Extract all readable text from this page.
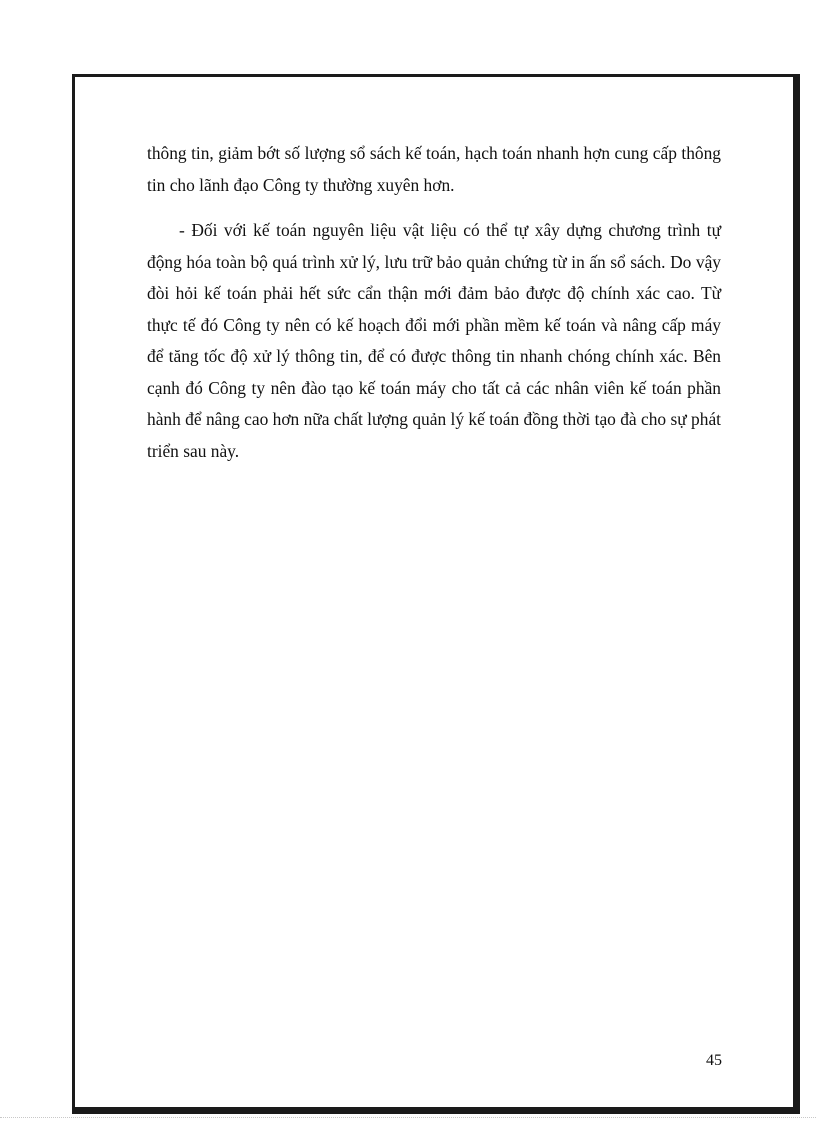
thông tin, giảm bớt số lượng sổ sách kế toán, hạch toán nhanh hợn cung cấp thông tin cho lãnh đạo Công ty thường xuyên hơn.

- Đối với kế toán nguyên liệu vật liệu có thể tự xây dựng chương trình tự động hóa toàn bộ quá trình xử lý, lưu trữ bảo quản chứng từ in ấn sổ sách. Do vậy đòi hỏi kế toán phải hết sức cẩn thận mới đảm bảo được độ chính xác cao. Từ thực tế đó Công ty nên có kế hoạch đổi mới phần mềm kế toán và nâng cấp máy để tăng tốc độ xử lý thông tin, để có được thông tin nhanh chóng chính xác. Bên cạnh đó Công ty nên đào tạo kế toán máy cho tất cả các nhân viên kế toán phần hành để nâng cao hơn nữa chất lượng quản lý kế toán đồng thời tạo đà cho sự phát triển sau này.

45
